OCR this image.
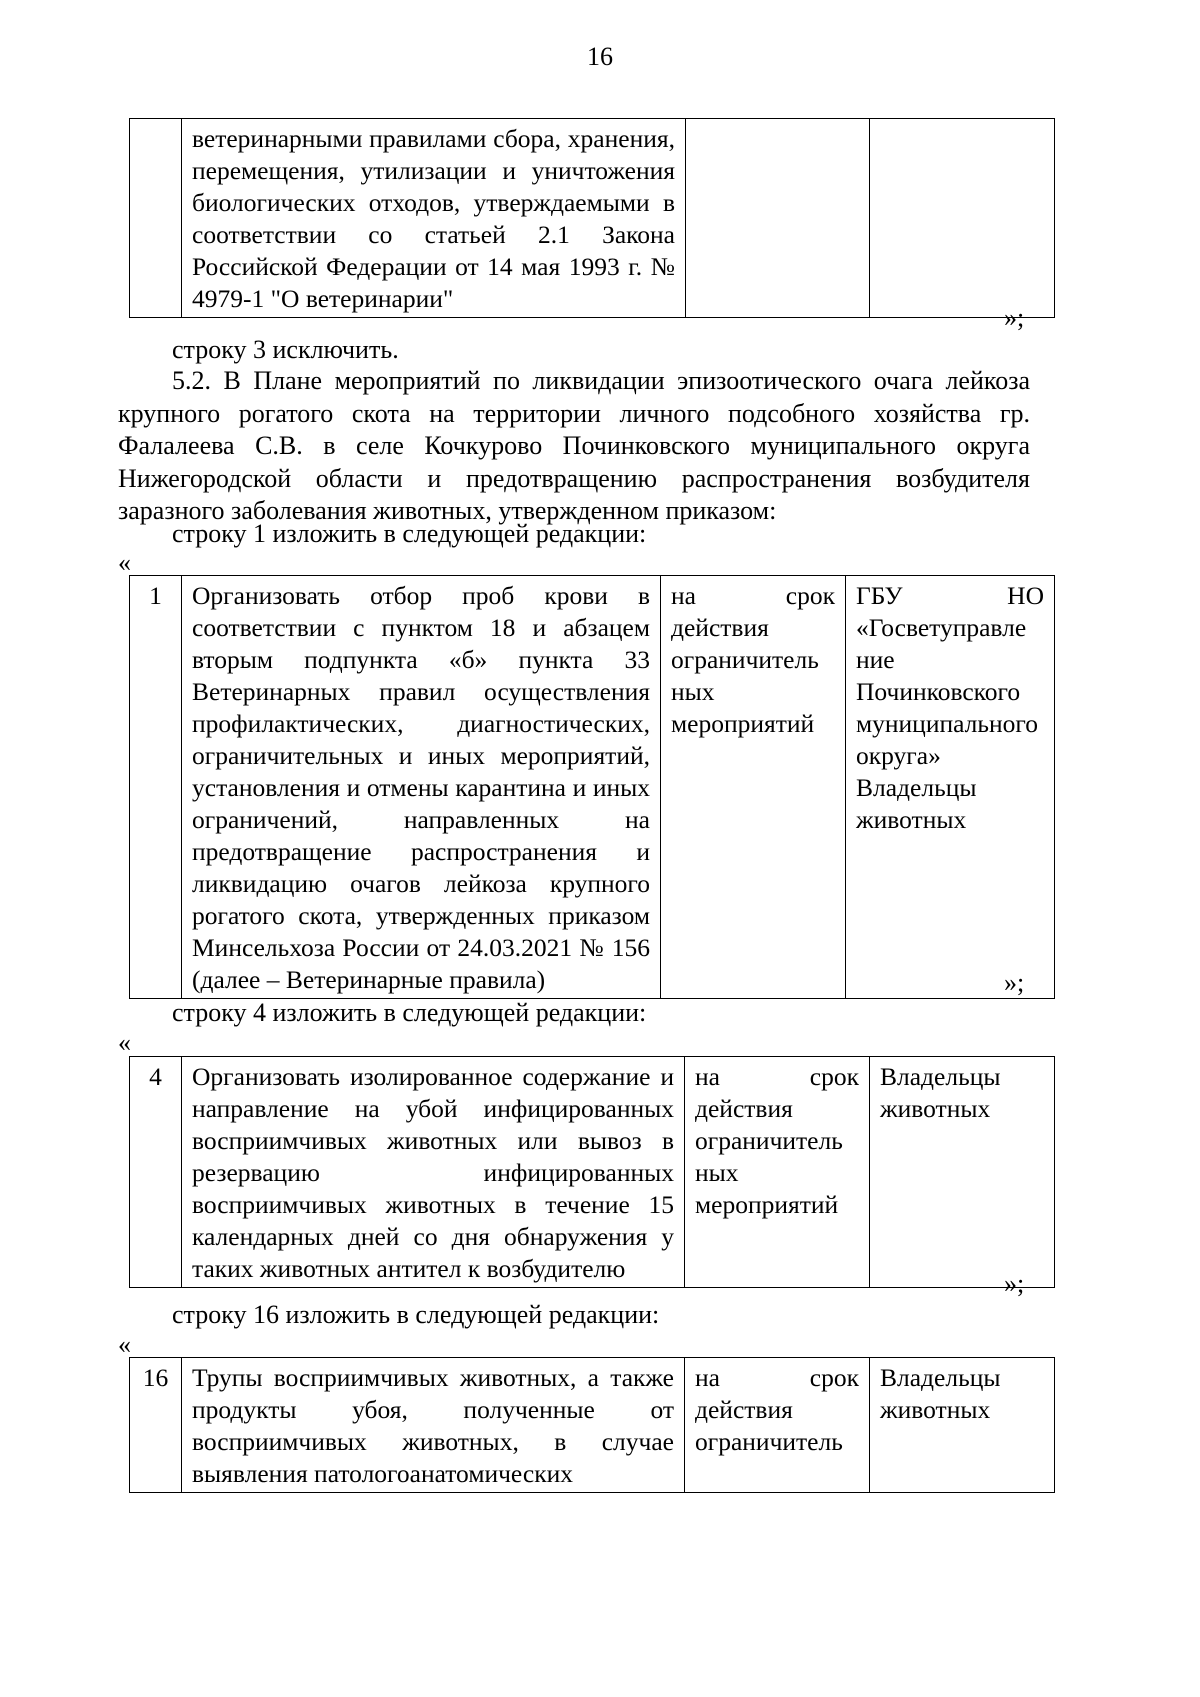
16
	ветеринарными правилами сбора, хранения, перемещения, утилизации и уничтожения биологических отходов, утверждаемыми в соответствии со статьей 2.1 Закона Российской Федерации от 14 мая 1993 г. № 4979-1 "О ветеринарии"		
»;

строку 3 исключить.

5.2. В Плане мероприятий по ликвидации эпизоотического очага лейкоза крупного рогатого скота на территории личного подсобного хозяйства гр. Фалалеева С.В. в селе Кочкурово Починковского муниципального округа Нижегородской области и предотвращению распространения возбудителя заразного заболевания животных, утвержденном приказом:

строку 1 изложить в следующей редакции:

«
1	Организовать отбор проб крови в соответствии с пунктом 18 и абзацем вторым подпункта «б» пункта 33 Ветеринарных правил осуществления профилактических, диагностических, ограничительных и иных мероприятий, установления и отмены карантина и иных ограничений, направленных на предотвращение распространения и ликвидацию очагов лейкоза крупного рогатого скота, утвержденных приказом Минсельхоза России от 24.03.2021 № 156 (далее – Ветеринарные правила)	на срок действия ограничитель ных мероприятий	ГБУ НО «Госветуправле ние Починковского муниципального округа» Владельцы животных
»;

строку 4 изложить в следующей редакции:

«
4	Организовать изолированное содержание и направление на убой инфицированных восприимчивых животных или вывоз в резервацию инфицированных восприимчивых животных в течение 15 календарных дней со дня обнаружения у таких животных антител к возбудителю	на срок действия ограничитель ных мероприятий	Владельцы животных
»;

строку 16 изложить в следующей редакции:

«
16	Трупы восприимчивых животных, а также продукты убоя, полученные от восприимчивых животных, в случае выявления патологоанатомических	на срок действия ограничитель	Владельцы животных
